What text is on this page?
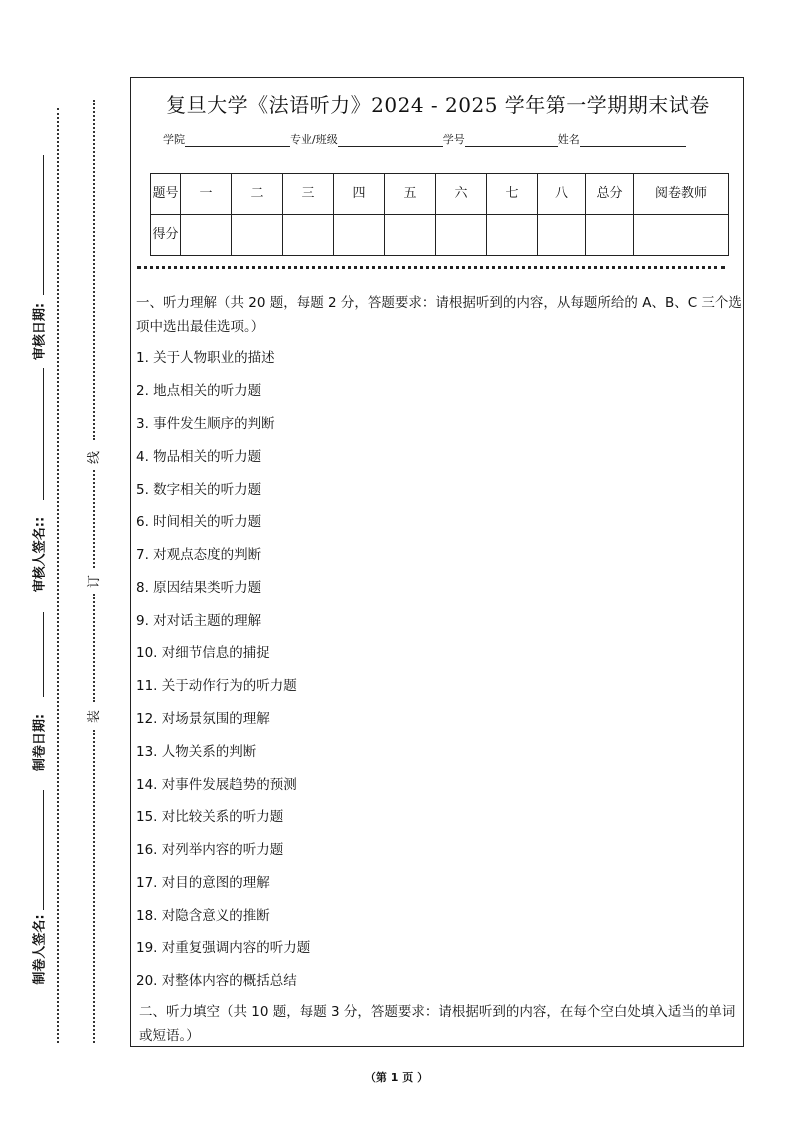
审核日期:
审核人签名::
制卷日期:
制卷人签名:
线
订
装
复旦大学《法语听力》2024 - 2025 学年第一学期期末试卷
学院	专业/班级	学号	姓名
题号	一	二	三	四	五	六	七	八	总分	阅卷教师
得分										
一、听力理解（共 20 题，每题 2 分，答题要求：请根据听到的内容，从每题所给的 A、B、C 三个选项中选出最佳选项。）
1. 关于人物职业的描述
2. 地点相关的听力题
3. 事件发生顺序的判断
4. 物品相关的听力题
5. 数字相关的听力题
6. 时间相关的听力题
7. 对观点态度的判断
8. 原因结果类听力题
9. 对对话主题的理解
10. 对细节信息的捕捉
11. 关于动作行为的听力题
12. 对场景氛围的理解
13. 人物关系的判断
14. 对事件发展趋势的预测
15. 对比较关系的听力题
16. 对列举内容的听力题
17. 对目的意图的理解
18. 对隐含意义的推断
19. 对重复强调内容的听力题
20. 对整体内容的概括总结
二、听力填空（共 10 题，每题 3 分，答题要求：请根据听到的内容，在每个空白处填入适当的单词或短语。）
（第 1 页 ）
